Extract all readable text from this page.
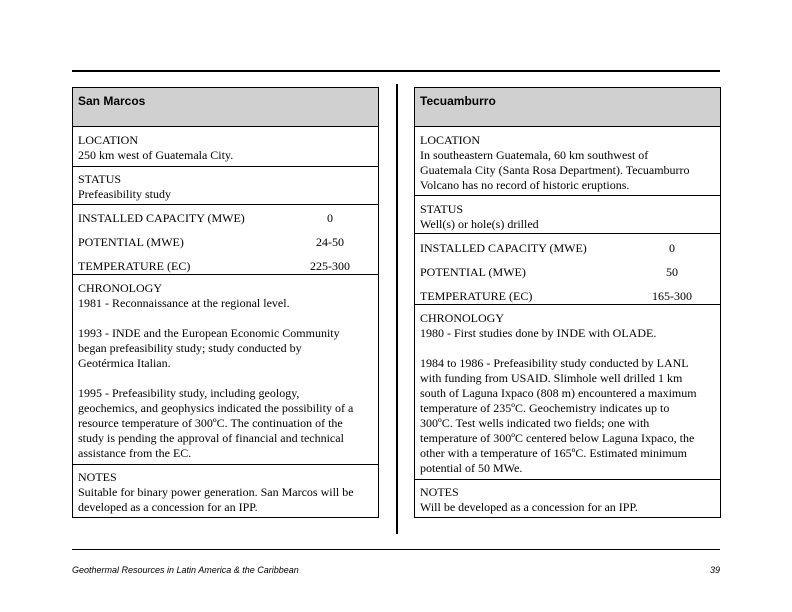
San Marcos
LOCATION
250 km west of Guatemala City.
STATUS
Prefeasibility study
INSTALLED CAPACITY (MWE)	0
POTENTIAL (MWE)	24-50
TEMPERATURE (EC)	225-300
CHRONOLOGY
1981 - Reconnaissance at the regional level.
1993 - INDE and the European Economic Community
began prefeasibility study; study conducted by
Geotérmica Italian.
1995 - Prefeasibility study, including geology,
geochemics, and geophysics indicated the possibility of a
resource temperature of 300ºC. The continuation of the
study is pending the approval of financial and technical
assistance from the EC.
NOTES
Suitable for binary power generation. San Marcos will be
developed as a concession for an IPP.
Tecuamburro
LOCATION
In southeastern Guatemala, 60 km southwest of
Guatemala City (Santa Rosa Department). Tecuamburro
Volcano has no record of historic eruptions.
STATUS
Well(s) or hole(s) drilled
INSTALLED CAPACITY (MWE)	0
POTENTIAL (MWE)	50
TEMPERATURE (EC)	165-300
CHRONOLOGY
1980 - First studies done by INDE with OLADE.
1984 to 1986 - Prefeasibility study conducted by LANL
with funding from USAID. Slimhole well drilled 1 km
south of Laguna Ixpaco (808 m) encountered a maximum
temperature of 235ºC. Geochemistry indicates up to
300ºC. Test wells indicated two fields; one with
temperature of 300ºC centered below Laguna Ixpaco, the
other with a temperature of 165ºC. Estimated minimum
potential of 50 MWe.
NOTES
Will be developed as a concession for an IPP.
Geothermal Resources in Latin America & the Caribbean	39
